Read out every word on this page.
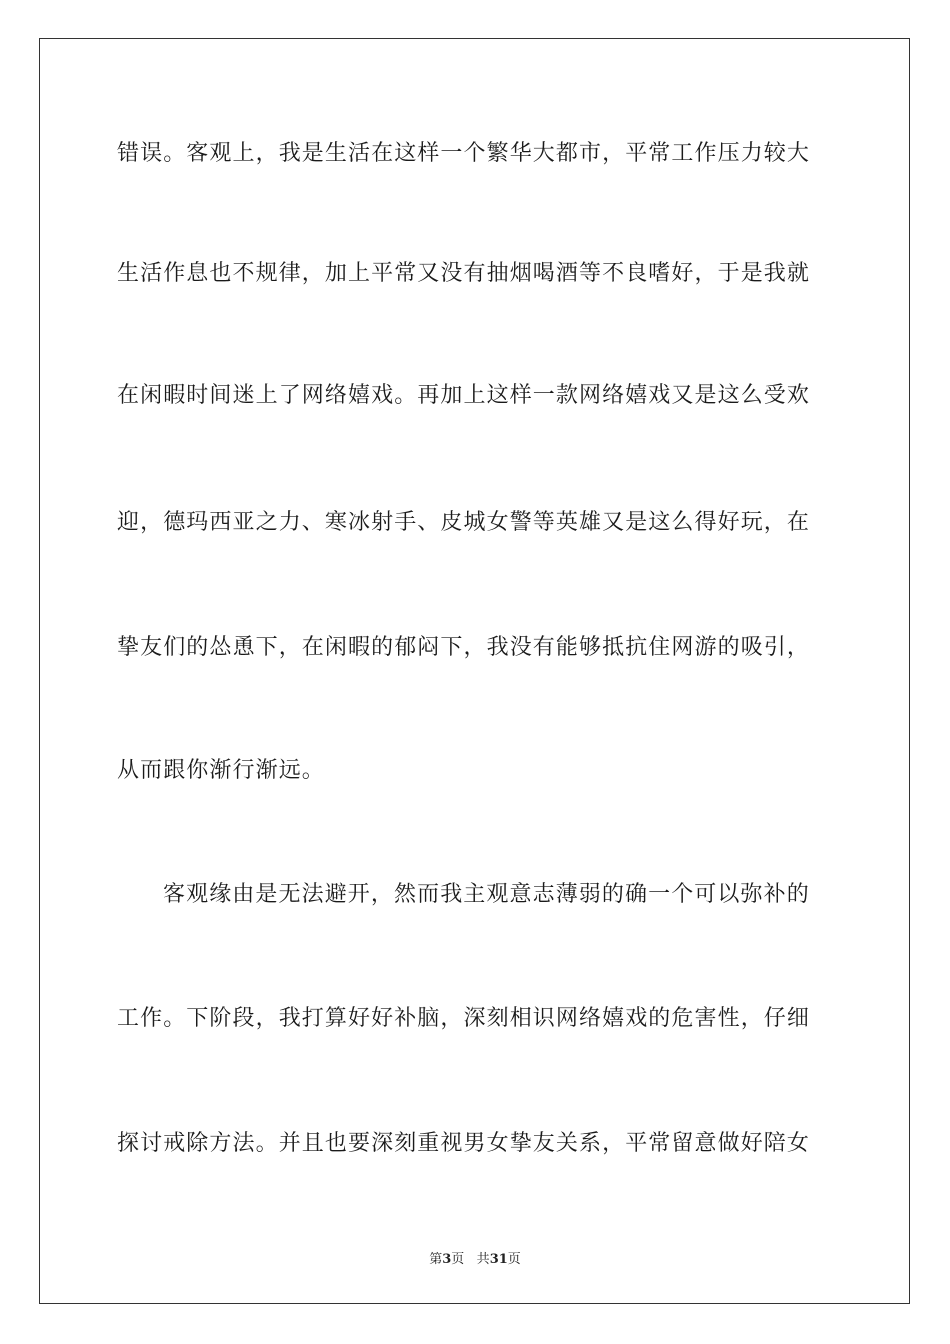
错误。客观上，我是生活在这样一个繁华大都市，平常工作压力较大
生活作息也不规律，加上平常又没有抽烟喝酒等不良嗜好，于是我就
在闲暇时间迷上了网络嬉戏。再加上这样一款网络嬉戏又是这么受欢
迎，德玛西亚之力、寒冰射手、皮城女警等英雄又是这么得好玩，在
挚友们的怂恿下，在闲暇的郁闷下，我没有能够抵抗住网游的吸引，
从而跟你渐行渐远。
客观缘由是无法避开，然而我主观意志薄弱的确一个可以弥补的
工作。下阶段，我打算好好补脑，深刻相识网络嬉戏的危害性，仔细
探讨戒除方法。并且也要深刻重视男女挚友关系，平常留意做好陪女
第3页 共31页
